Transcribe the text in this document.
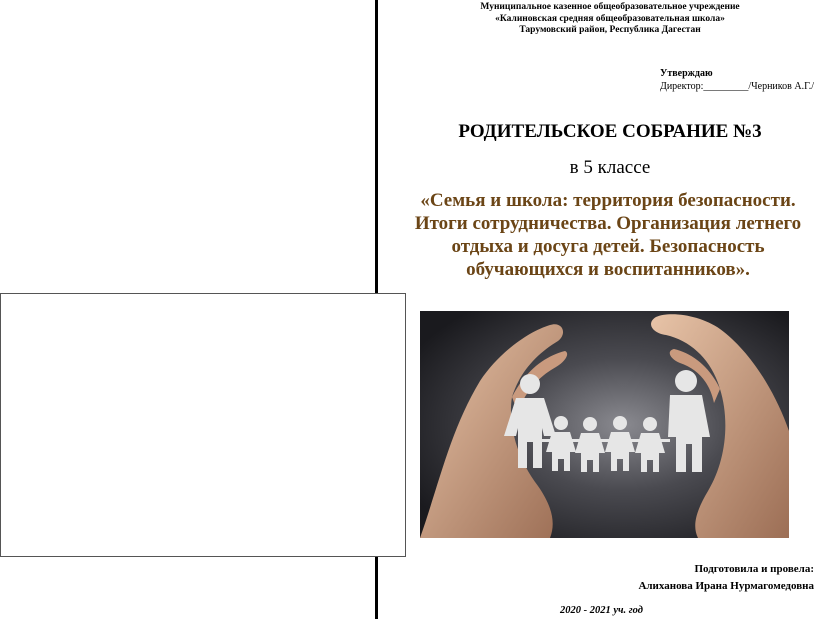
Муниципальное казенное общеобразовательное учреждение
«Калиновская средняя общеобразовательная школа»
Тарумовский район, Республика Дагестан
Утверждаю
Директор:_________/Черников А.Г./
РОДИТЕЛЬСКОЕ СОБРАНИЕ №3
в 5 классе
«Семья и школа: территория безопасности.
Итоги сотрудничества. Организация летнего
отдыха и досуга детей. Безопасность
обучающихся и воспитанников».
Подготовила и провела:
Алиханова Ирана Нурмагомедовна
2020 - 2021 уч. год
